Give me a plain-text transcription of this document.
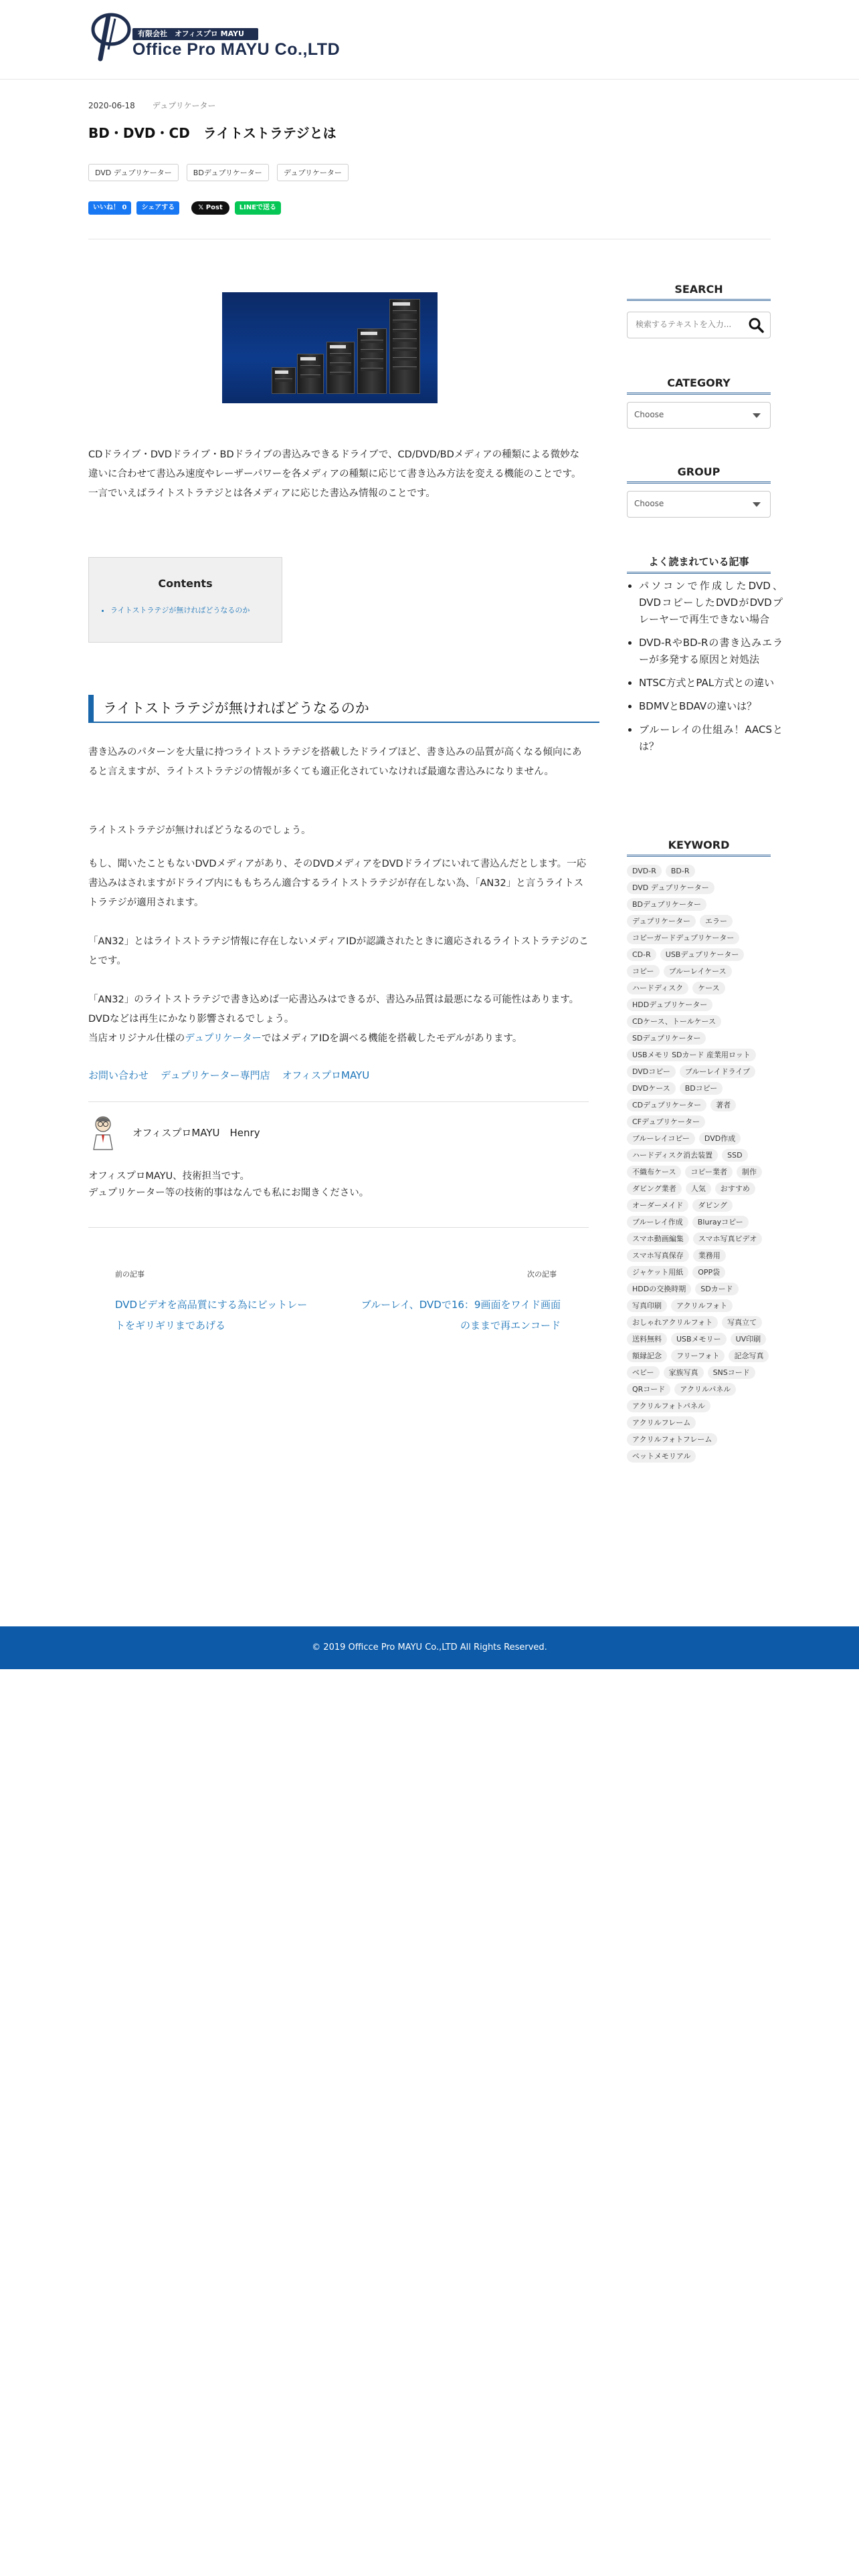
有限会社　オフィスプロ MAYU
Office Pro MAYU Co.,LTD
2020-06-18 デュプリケーター
BD・DVD・CD　ライトストラテジとは
DVD デュプリケーター	BDデュプリケーター	デュプリケーター
いいね！ 0	シェアする	𝕏 Post	LINEで送る

CDドライブ・DVDドライブ・BDドライブの書込みできるドライブで、CD/DVD/BDメディアの種類による微妙な違いに合わせて書込み速度やレーザーパワーを各メディアの種類に応じて書き込み方法を変える機能のことです。一言でいえばライトストラテジとは各メディアに応じた書込み情報のことです。

Contents
• ライトストラテジが無ければどうなるのか
ライトストラテジが無ければどうなるのか

書き込みのパターンを大量に持つライトストラテジを搭載したドライブほど、書き込みの品質が高くなる傾向にあると言えますが、ライトストラテジの情報が多くても適正化されていなければ最適な書込みになりません。

ライトストラテジが無ければどうなるのでしょう。

もし、聞いたこともないDVDメディアがあり、そのDVDメディアをDVDドライブにいれて書込んだとします。一応書込みはされますがドライブ内にももちろん適合するライトストラテジが存在しない為、「AN32」と言うライトストラテジが適用されます。

「AN32」とはライトストラテジ情報に存在しないメディアIDが認識されたときに適応されるライトストラテジのことです。

「AN32」のライトストラテジで書き込めば一応書込みはできるが、書込み品質は最悪になる可能性はあります。 DVDなどは再生にかなり影響されるでしょう。

当店オリジナル仕様のデュプリケーターではメディアIDを調べる機能を搭載したモデルがあります。

お問い合わせ デュプリケーター専門店 オフィスプロMAYU
オフィスプロMAYU　Henry
オフィスプロMAYU、技術担当です。
デュプリケーター等の技術的事はなんでも私にお聞きください。
前の記事
DVDビデオを高品質にする為にビットレートをギリギリまであげる
次の記事
ブルーレイ、DVDで16：9画面をワイド画面のままで再エンコード
SEARCH
検索するテキストを入力...
CATEGORY
Choose
GROUP
Choose
よく読まれている記事
• パソコンで作成したDVD、DVDコピーしたDVDがDVDプレーヤーで再生できない場合
• DVD-RやBD-Rの書き込みエラーが多発する原因と対処法
• NTSC方式とPAL方式との違い
• BDMVとBDAVの違いは？
• ブルーレイの仕組み！AACSとは？
KEYWORD
DVD-R	BD-R
DVD デュプリケーター
BDデュプリケーター
デュプリケーター	エラー
コピーガードデュプリケーター
CD-R	USBデュプリケーター
コピー	ブルーレイケース
ハードディスク	ケース
HDDデュプリケーター
CDケース、トールケース
SDデュプリケーター
USBメモリ SDカード 産業用ロット
DVDコピー	ブルーレイドライブ
DVDケース	BDコピー
CDデュプリケーター	著者
CFデュプリケーター
ブルーレイコピー	DVD作成
ハードディスク消去装置	SSD
不織布ケース	コピー業者	制作
ダビング業者	人気	おすすめ
オーダーメイド	ダビング
ブルーレイ作成	Blurayコピー
スマホ動画編集	スマホ写真ビデオ
スマホ写真保存	業務用
ジャケット用紙	OPP袋
HDDの交換時期	SDカード
写真印刷	アクリルフォト
おしゃれアクリルフォト	写真立て
送料無料	USBメモリー	UV印刷
額縁記念	フリーフォト	記念写真
ベビー	家族写真	SNSコード
QRコード	アクリルパネル
アクリルフォトパネル
アクリルフレーム
アクリルフォトフレーム
ペットメモリアル
© 2019 Officce Pro MAYU Co.,LTD All Rights Reserved.
